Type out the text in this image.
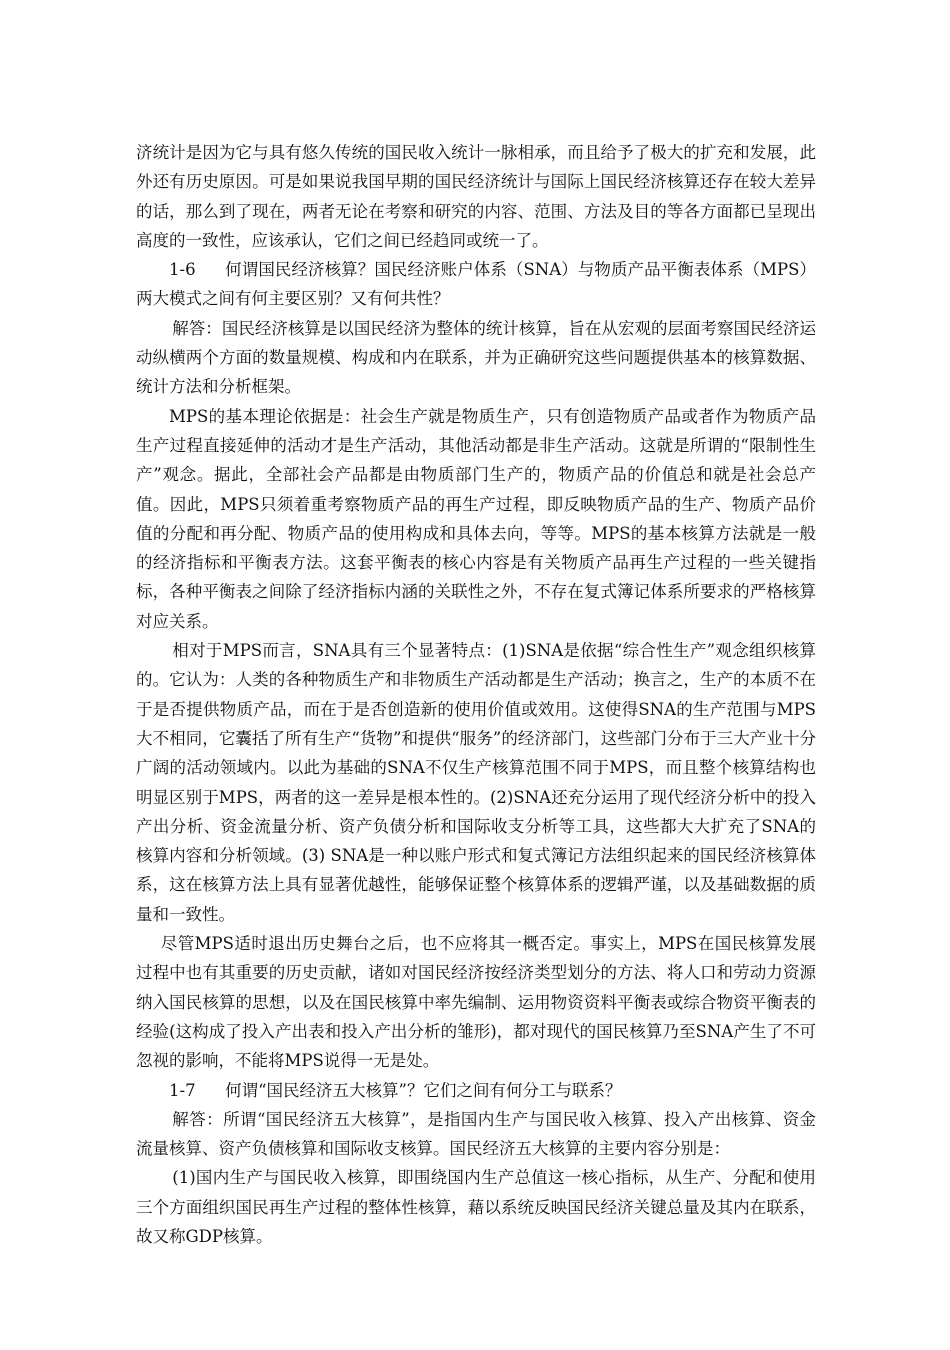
济统计是因为它与具有悠久传统的国民收入统计一脉相承，而且给予了极大的扩充和发展，此外还有历史原因。可是如果说我国早期的国民经济统计与国际上国民经济核算还存在较大差异的话，那么到了现在，两者无论在考察和研究的内容、范围、方法及目的等各方面都已呈现出高度的一致性，应该承认，它们之间已经趋同或统一了。

1-6 何谓国民经济核算？国民经济账户体系（SNA）与物质产品平衡表体系（MPS）两大模式之间有何主要区别？又有何共性？

解答：国民经济核算是以国民经济为整体的统计核算，旨在从宏观的层面考察国民经济运动纵横两个方面的数量规模、构成和内在联系，并为正确研究这些问题提供基本的核算数据、统计方法和分析框架。

MPS的基本理论依据是：社会生产就是物质生产，只有创造物质产品或者作为物质产品生产过程直接延伸的活动才是生产活动，其他活动都是非生产活动。这就是所谓的“限制性生产”观念。据此，全部社会产品都是由物质部门生产的，物质产品的价值总和就是社会总产值。因此，MPS只须着重考察物质产品的再生产过程，即反映物质产品的生产、物质产品价值的分配和再分配、物质产品的使用构成和具体去向，等等。MPS的基本核算方法就是一般的经济指标和平衡表方法。这套平衡表的核心内容是有关物质产品再生产过程的一些关键指标，各种平衡表之间除了经济指标内涵的关联性之外，不存在复式簿记体系所要求的严格核算对应关系。

相对于MPS而言，SNA具有三个显著特点：(1)SNA是依据“综合性生产”观念组织核算的。它认为：人类的各种物质生产和非物质生产活动都是生产活动；换言之，生产的本质不在于是否提供物质产品，而在于是否创造新的使用价值或效用。这使得SNA的生产范围与MPS大不相同，它囊括了所有生产“货物”和提供“服务”的经济部门，这些部门分布于三大产业十分广阔的活动领域内。以此为基础的SNA不仅生产核算范围不同于MPS，而且整个核算结构也明显区别于MPS，两者的这一差异是根本性的。(2)SNA还充分运用了现代经济分析中的投入产出分析、资金流量分析、资产负债分析和国际收支分析等工具，这些都大大扩充了SNA的核算内容和分析领域。(3) SNA是一种以账户形式和复式簿记方法组织起来的国民经济核算体系，这在核算方法上具有显著优越性，能够保证整个核算体系的逻辑严谨，以及基础数据的质量和一致性。

尽管MPS适时退出历史舞台之后，也不应将其一概否定。事实上，MPS在国民核算发展过程中也有其重要的历史贡献，诸如对国民经济按经济类型划分的方法、将人口和劳动力资源纳入国民核算的思想，以及在国民核算中率先编制、运用物资资料平衡表或综合物资平衡表的经验(这构成了投入产出表和投入产出分析的雏形)，都对现代的国民核算乃至SNA产生了不可忽视的影响，不能将MPS说得一无是处。

1-7 何谓“国民经济五大核算”？它们之间有何分工与联系？

解答：所谓“国民经济五大核算”，是指国内生产与国民收入核算、投入产出核算、资金流量核算、资产负债核算和国际收支核算。国民经济五大核算的主要内容分别是：

(1)国内生产与国民收入核算，即围绕国内生产总值这一核心指标，从生产、分配和使用三个方面组织国民再生产过程的整体性核算，藉以系统反映国民经济关键总量及其内在联系，故又称GDP核算。
